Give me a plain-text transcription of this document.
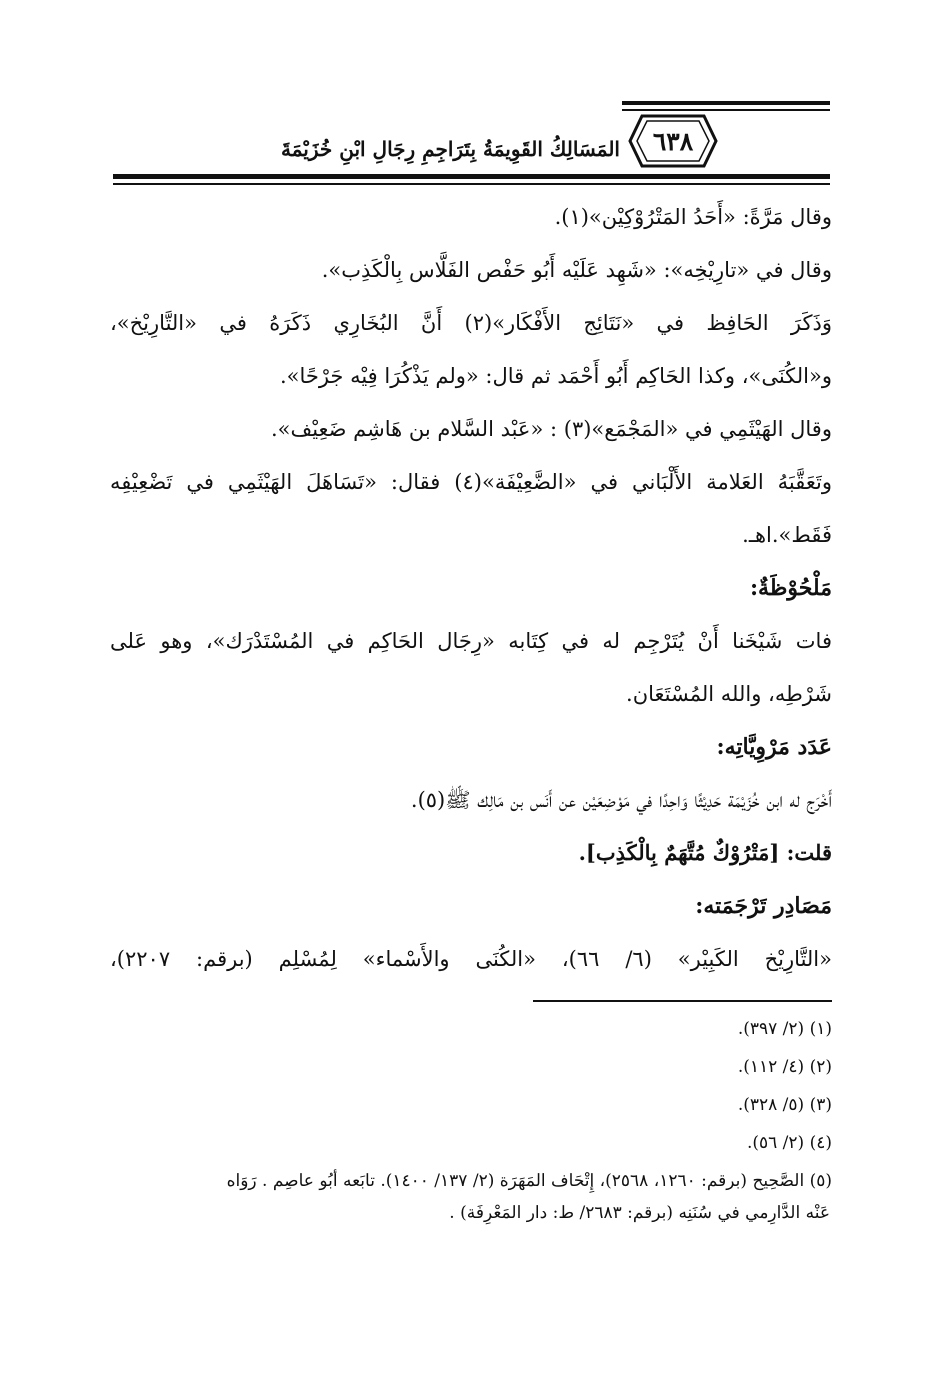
٦٣٨
المَسَالِكُ القَوِيمَةُ بِتَرَاجِمِ رِجَالِ ابْنِ خُزَيْمَةَ
وقال مَرَّةً: «أَحَدُ المَتْرُوْكِيْن»(١).
وقال في «تارِيْخِه»: «شَهِد عَلَيْه أَبُو حَفْص الفَلَّاس بِالْكَذِب».
وَذَكَرَ الحَافِظ في «نَتَائِج الأَفْكَار»(٢) أَنَّ البُخَارِي ذَكَرَهُ في «التَّارِيْخ»،
و«الكُنَى»، وكذا الحَاكِم أَبُو أَحْمَد ثم قال: «ولم يَذْكُرَا فِيْه جَرْحًا».
وقال الهَيْثَمِي في «المَجْمَع»(٣) : «عَبْد السَّلام بن هَاشِم ضَعِيْف».
وتَعَقَّبَهُ العَلامة الأَلْبَاني في «الضَّعِيْفَة»(٤) فقال: «تَسَاهَلَ الهَيْثَمِي في تَضْعِيْفِه
فَقَط».اهـ.
مَلْحُوْظَةٌ:
فات شَيْخَنا أَنْ يُتَرْجِم له في كِتَابه «رِجَال الحَاكِم في المُسْتَدْرَك»، وهو عَلى
شَرْطِه، والله المُسْتَعَان.
عَدَد مَرْوِيَّاتِه:
أَخْرَج له ابن خُزَيْمَة حَدِيْثًا وَاحِدًا في مَوْضِعَيْن عن أَنَس بن مَالِك ﷺ(٥).
قلت: [مَتْرُوْكٌ مُتَّهَمٌ بِالْكَذِب].
مَصَادِر تَرْجَمَته:
«التَّارِيْخ الكَبِيْر» (٦/ ٦٦)، «الكُنَى والأَسْماء» لِمُسْلِم (برقم: ٢٢٠٧)،
(١) (٢/ ٣٩٧).
(٢) (٤/ ١١٢).
(٣) (٥/ ٣٢٨).
(٤) (٢/ ٥٦).
(٥) الصَّحِيح (برقم: ١٢٦٠، ٢٥٦٨)، إِتْحَاف المَهَرَة (٢/ ١٣٧/ ١٤٠٠). تابَعه أَبُو عاصِم . رَوَاه
عَنْه الدَّارِمي في سُنَنِه (برقم: ٢٦٨٣/ ط: دار المَعْرِفَة) .
